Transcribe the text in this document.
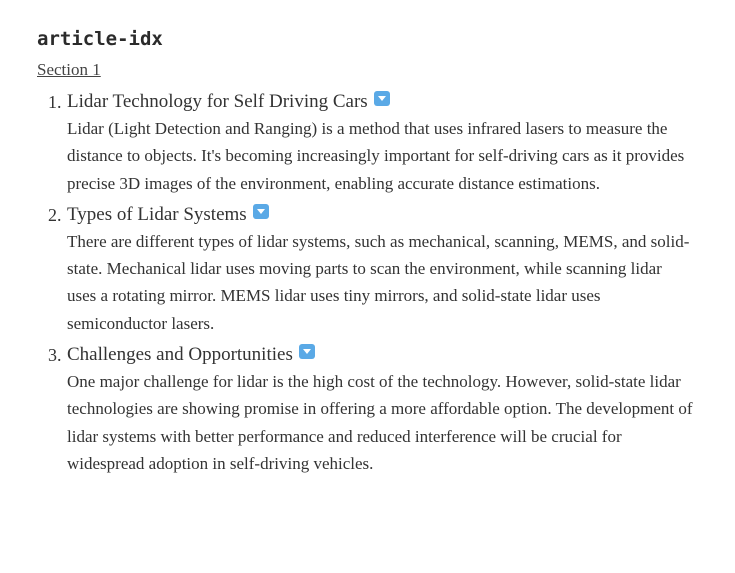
article-idx
Section 1
1. Lidar Technology for Self Driving Cars

Lidar (Light Detection and Ranging) is a method that uses infrared lasers to measure the distance to objects. It's becoming increasingly important for self-driving cars as it provides precise 3D images of the environment, enabling accurate distance estimations.

2. Types of Lidar Systems

There are different types of lidar systems, such as mechanical, scanning, MEMS, and solid-state. Mechanical lidar uses moving parts to scan the environment, while scanning lidar uses a rotating mirror. MEMS lidar uses tiny mirrors, and solid-state lidar uses semiconductor lasers.

3. Challenges and Opportunities

One major challenge for lidar is the high cost of the technology. However, solid-state lidar technologies are showing promise in offering a more affordable option. The development of lidar systems with better performance and reduced interference will be crucial for widespread adoption in self-driving vehicles.
